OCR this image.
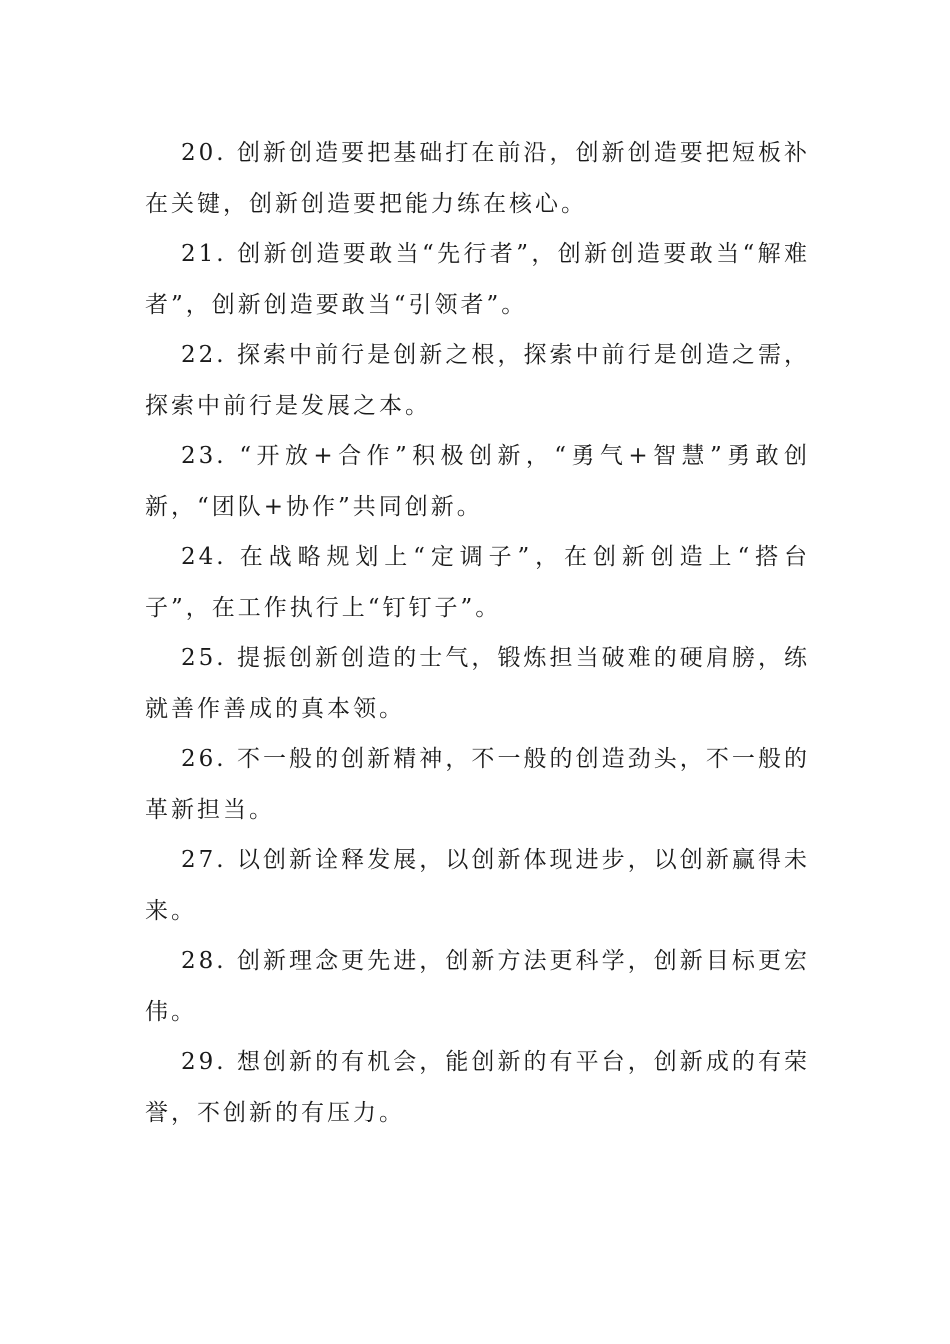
20. 创新创造要把基础打在前沿，创新创造要把短板补在关键，创新创造要把能力练在核心。

21. 创新创造要敢当“先行者”，创新创造要敢当“解难者”，创新创造要敢当“引领者”。

22. 探索中前行是创新之根，探索中前行是创造之需，探索中前行是发展之本。

23. “开放+合作”积极创新，“勇气+智慧”勇敢创新，“团队+协作”共同创新。

24. 在战略规划上“定调子”，在创新创造上“搭台子”，在工作执行上“钉钉子”。

25. 提振创新创造的士气，锻炼担当破难的硬肩膀，练就善作善成的真本领。

26. 不一般的创新精神，不一般的创造劲头，不一般的革新担当。

27. 以创新诠释发展，以创新体现进步，以创新赢得未来。

28. 创新理念更先进，创新方法更科学，创新目标更宏伟。

29. 想创新的有机会，能创新的有平台，创新成的有荣誉，不创新的有压力。
